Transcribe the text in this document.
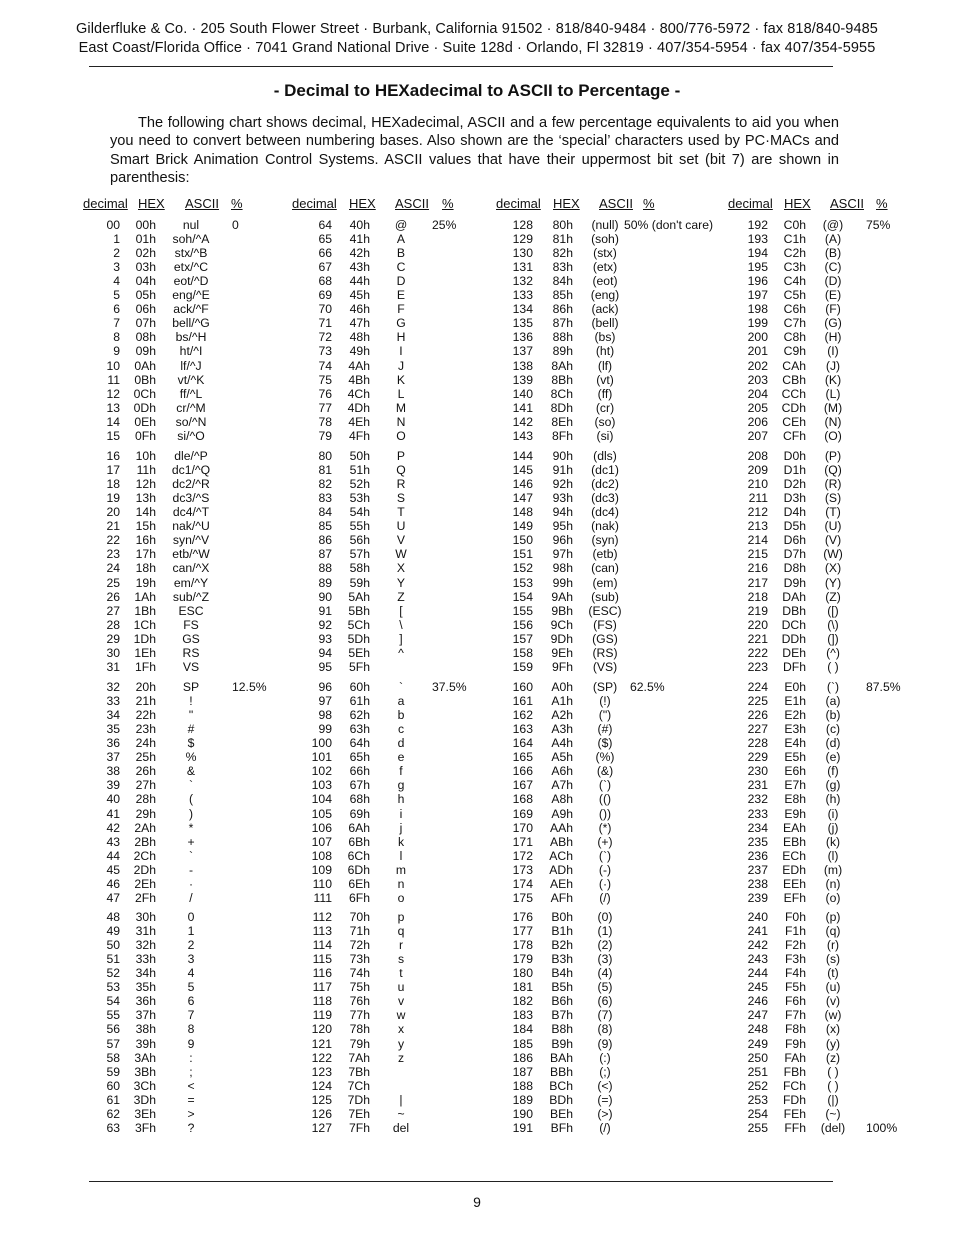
Gilderfluke & Co. · 205 South Flower Street · Burbank, California 91502 · 818/840-9484 · 800/776-5972 · fax 818/840-9485
East Coast/Florida Office · 7041 Grand National Drive · Suite 128d · Orlando, Fl 32819 · 407/354-5954 · fax 407/354-5955
- Decimal to HEXadecimal to ASCII to Percentage -
The following chart shows decimal, HEXadecimal, ASCII and a few percentage equivalents to aid you when you need to convert between numbering bases. Also shown are the ‘special’ characters used by PC·MACs and Smart Brick Animation Control Systems. ASCII values that have their uppermost bit set (bit 7) are shown in parenthesis:
decimal HEX ASCII %	decimal HEX ASCII %	decimal HEX ASCII %	decimal HEX ASCII %
00	00h	nul	0
1	01h	soh/^A
2	02h	stx/^B
3	03h	etx/^C
4	04h	eot/^D
5	05h	eng/^E
6	06h	ack/^F
7	07h	bell/^G
8	08h	bs/^H
9	09h	ht/^I
10	0Ah	lf/^J
11	0Bh	vt/^K
12	0Ch	ff/^L
13	0Dh	cr/^M
14	0Eh	so/^N
15	0Fh	si/^O
16	10h	dle/^P
17	11h	dc1/^Q
18	12h	dc2/^R
19	13h	dc3/^S
20	14h	dc4/^T
21	15h	nak/^U
22	16h	syn/^V
23	17h	etb/^W
24	18h	can/^X
25	19h	em/^Y
26	1Ah	sub/^Z
27	1Bh	ESC
28	1Ch	FS
29	1Dh	GS
30	1Eh	RS
31	1Fh	VS
32	20h	SP	12.5%
33	21h	!
34	22h	"
35	23h	#
36	24h	$
37	25h	%
38	26h	&
39	27h	`
40	28h	(
41	29h	)
42	2Ah	*
43	2Bh	+
44	2Ch	`
45	2Dh	-
46	2Eh	·
47	2Fh	/
48	30h	0
49	31h	1
50	32h	2
51	33h	3
52	34h	4
53	35h	5
54	36h	6
55	37h	7
56	38h	8
57	39h	9
58	3Ah	:
59	3Bh	;
60	3Ch	<
61	3Dh	=
62	3Eh	>
63	3Fh	?
64	40h	@	25%
65	41h	A
66	42h	B
67	43h	C
68	44h	D
69	45h	E
70	46h	F
71	47h	G
72	48h	H
73	49h	I
74	4Ah	J
75	4Bh	K
76	4Ch	L
77	4Dh	M
78	4Eh	N
79	4Fh	O
80	50h	P
81	51h	Q
82	52h	R
83	53h	S
84	54h	T
85	55h	U
86	56h	V
87	57h	W
88	58h	X
89	59h	Y
90	5Ah	Z
91	5Bh	[
92	5Ch	\
93	5Dh	]
94	5Eh	^
95	5Fh
96	60h	`	37.5%
97	61h	a
98	62h	b
99	63h	c
100	64h	d
101	65h	e
102	66h	f
103	67h	g
104	68h	h
105	69h	i
106	6Ah	j
107	6Bh	k
108	6Ch	l
109	6Dh	m
110	6Eh	n
111	6Fh	o
112	70h	p
113	71h	q
114	72h	r
115	73h	s
116	74h	t
117	75h	u
118	76h	v
119	77h	w
120	78h	x
121	79h	y
122	7Ah	z
123	7Bh
124	7Ch
125	7Dh	|
126	7Eh	~
127	7Fh	del
128	80h	(null) 50% (don't care)
129	81h	(soh)
130	82h	(stx)
131	83h	(etx)
132	84h	(eot)
133	85h	(eng)
134	86h	(ack)
135	87h	(bell)
136	88h	(bs)
137	89h	(ht)
138	8Ah	(lf)
139	8Bh	(vt)
140	8Ch	(ff)
141	8Dh	(cr)
142	8Eh	(so)
143	8Fh	(si)
144	90h	(dls)
145	91h	(dc1)
146	92h	(dc2)
147	93h	(dc3)
148	94h	(dc4)
149	95h	(nak)
150	96h	(syn)
151	97h	(etb)
152	98h	(can)
153	99h	(em)
154	9Ah	(sub)
155	9Bh	(ESC)
156	9Ch	(FS)
157	9Dh	(GS)
158	9Eh	(RS)
159	9Fh	(VS)
160	A0h	(SP)	62.5%
161	A1h	(!)
162	A2h	(")
163	A3h	(#)
164	A4h	($)
165	A5h	(%)
166	A6h	(&)
167	A7h	(`)
168	A8h	(()
169	A9h	())
170	AAh	(*)
171	ABh	(+)
172	ACh	(`)
173	ADh	(-)
174	AEh	(·)
175	AFh	(/)
176	B0h	(0)
177	B1h	(1)
178	B2h	(2)
179	B3h	(3)
180	B4h	(4)
181	B5h	(5)
182	B6h	(6)
183	B7h	(7)
184	B8h	(8)
185	B9h	(9)
186	BAh	(:)
187	BBh	(;)
188	BCh	(<)
189	BDh	(=)
190	BEh	(>)
191	BFh	(/)
192	C0h	(@)	75%
193	C1h	(A)
194	C2h	(B)
195	C3h	(C)
196	C4h	(D)
197	C5h	(E)
198	C6h	(F)
199	C7h	(G)
200	C8h	(H)
201	C9h	(I)
202	CAh	(J)
203	CBh	(K)
204 CCh	(L)
205 CDh	(M)
206	CEh	(N)
207	CFh	(O)
208	D0h	(P)
209	D1h	(Q)
210	D2h	(R)
211	D3h	(S)
212	D4h	(T)
213	D5h	(U)
214	D6h	(V)
215	D7h	(W)
216	D8h	(X)
217	D9h	(Y)
218	DAh	(Z)
219	DBh	([)
220 DCh	(\)
221 DDh	(])
222	DEh	(^)
223	DFh	( )
224	E0h	(`)	87.5%
225	E1h	(a)
226	E2h	(b)
227	E3h	(c)
228	E4h	(d)
229	E5h	(e)
230	E6h	(f)
231	E7h	(g)
232	E8h	(h)
233	E9h	(i)
234	EAh	(j)
235	EBh	(k)
236	ECh	(l)
237	EDh	(m)
238	EEh	(n)
239	EFh	(o)
240	F0h	(p)
241	F1h	(q)
242	F2h	(r)
243	F3h	(s)
244	F4h	(t)
245	F5h	(u)
246	F6h	(v)
247	F7h	(w)
248	F8h	(x)
249	F9h	(y)
250	FAh	(z)
251	FBh	( )
252	FCh	( )
253	FDh	(|)
254	FEh	(~)
255	FFh	(del)	100%
9
